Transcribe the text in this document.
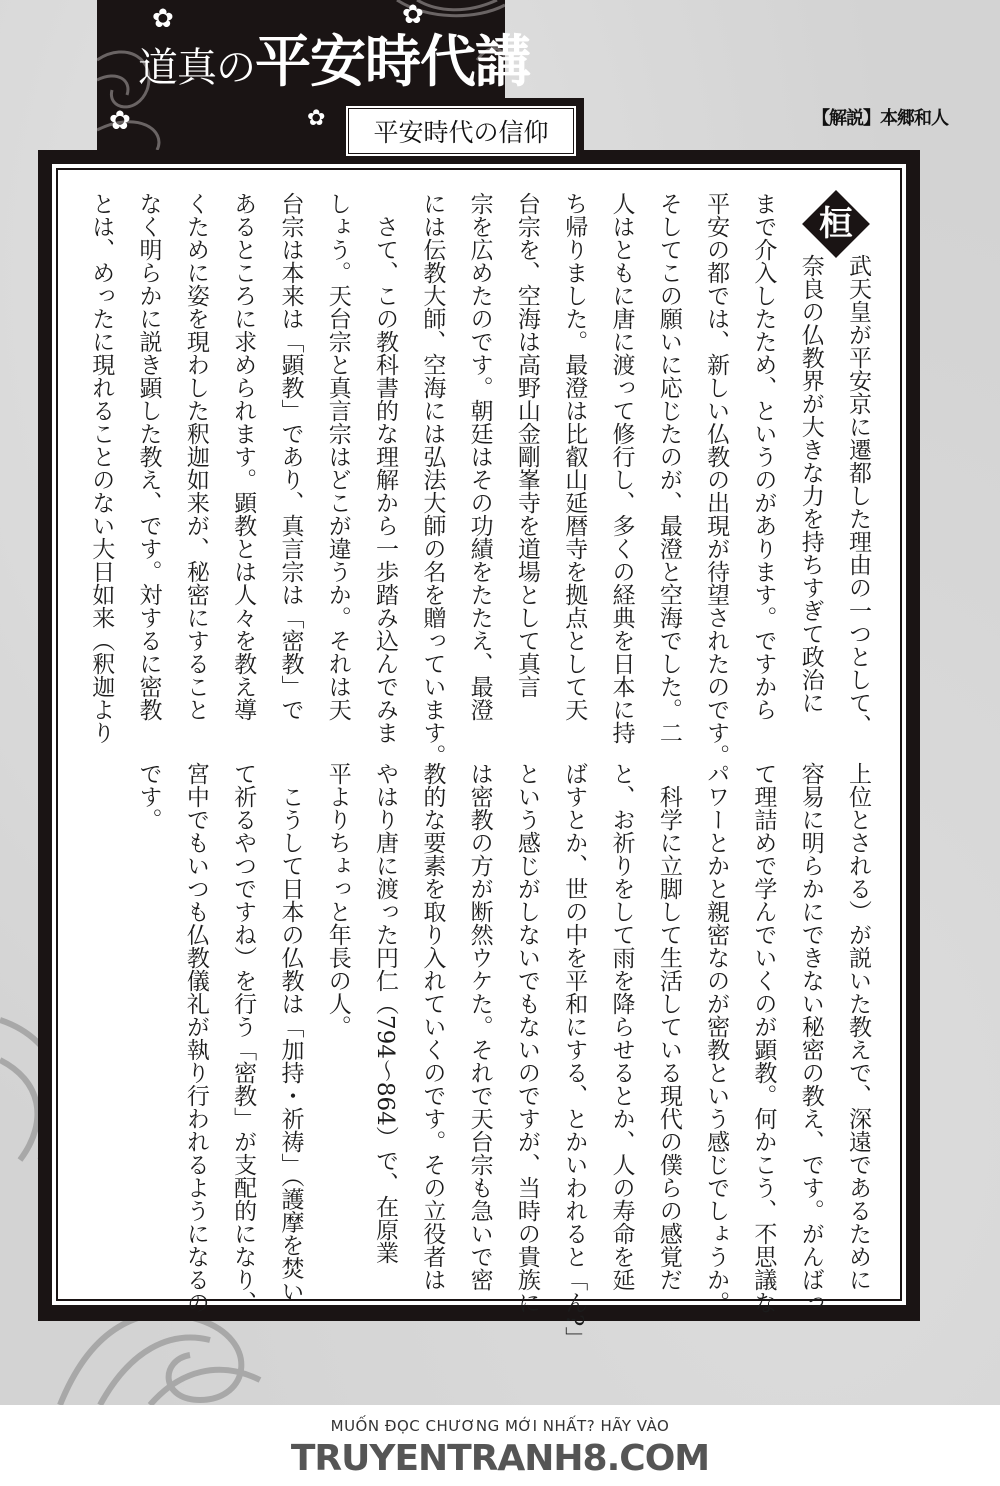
✿	✿
✿	✿
道真の平安時代講
平安時代の信仰	【解説】本郷和人
桓
武天皇が平安京に遷都した理由の一つとして、
奈良の仏教界が大きな力を持ちすぎて政治に
まで介入したため、というのがあります。ですから
平安の都では、新しい仏教の出現が待望されたのです。
そしてこの願いに応じたのが、最澄と空海でした。二
人はともに唐に渡って修行し、多くの経典を日本に持
ち帰りました。最澄は比叡山延暦寺を拠点として天
台宗を、空海は高野山金剛峯寺を道場として真言
宗を広めたのです。朝廷はその功績をたたえ、最澄
には伝教大師、空海には弘法大師の名を贈っています。
　さて、この教科書的な理解から一歩踏み込んでみま
しょう。天台宗と真言宗はどこが違うか。それは天
台宗は本来は「顕教」であり、真言宗は「密教」で
あるところに求められます。顕教とは人々を教え導
くために姿を現わした釈迦如来が、秘密にすること
なく明らかに説き顕した教え、です。対するに密教
とは、めったに現れることのない大日如来（釈迦より
上位とされる）が説いた教えで、深遠であるために
容易に明らかにできない秘密の教え、です。がんばっ
て理詰めで学んでいくのが顕教。何かこう、不思議な
パワーとかと親密なのが密教という感じでしょうか。
　科学に立脚して生活している現代の僕らの感覚だ
と、お祈りをして雨を降らせるとか、人の寿命を延
ばすとか、世の中を平和にする、とかいわれると「ん?」
という感じがしないでもないのですが、当時の貴族に
は密教の方が断然ウケた。それで天台宗も急いで密
教的な要素を取り入れていくのです。その立役者は
やはり唐に渡った円仁（794〜864）で、在原業
平よりちょっと年長の人。
　こうして日本の仏教は「加持・祈祷」（護摩を焚い
て祈るやつですね）を行う「密教」が支配的になり、
宮中でもいつも仏教儀礼が執り行われるようになるの
です。
MUỐN ĐỌC CHƯƠNG MỚI NHẤT? HÃY VÀO
TRUYENTRANH8.COM
